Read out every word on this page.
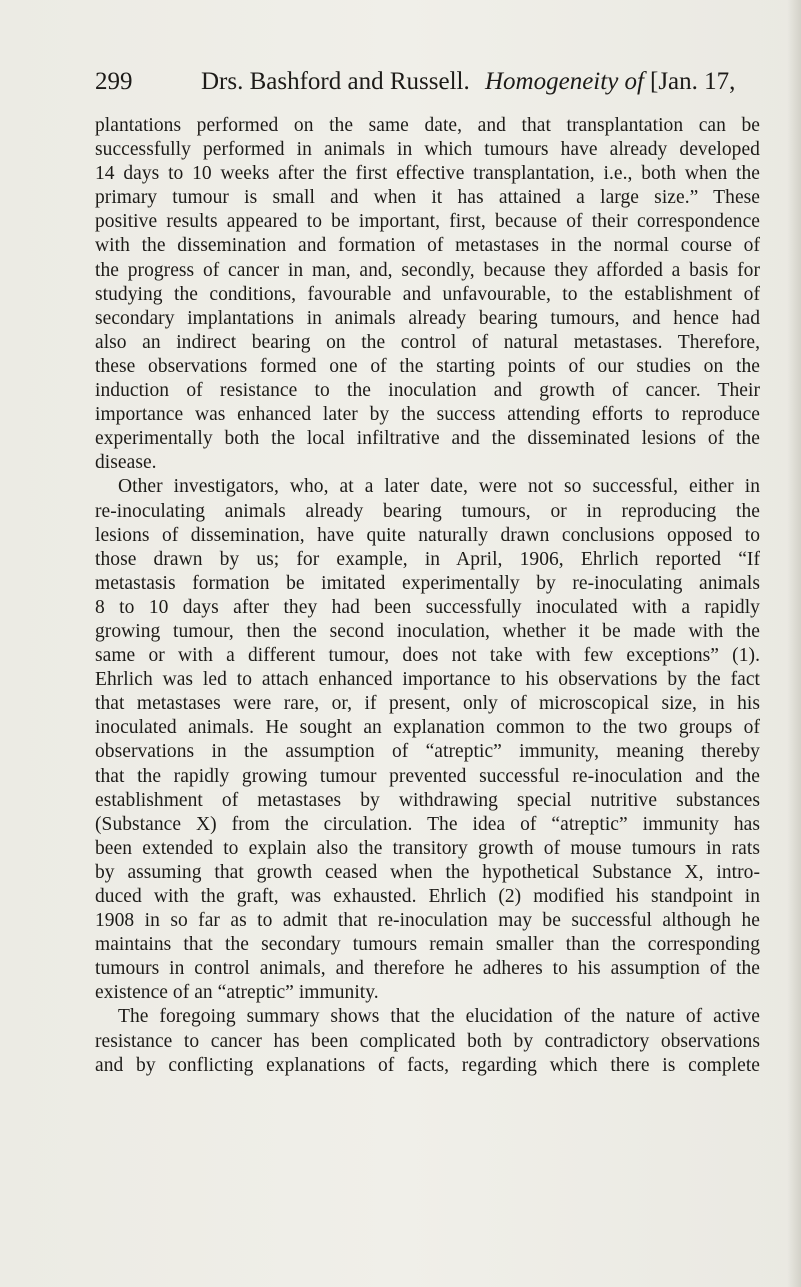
299	Drs. Bashford and Russell. Homogeneity of [Jan. 17,
plantations performed on the same date, and that transplantation can be
successfully performed in animals in which tumours have already developed
14 days to 10 weeks after the first effective transplantation, i.e., both when the
primary tumour is small and when it has attained a large size.” These
positive results appeared to be important, first, because of their correspondence
with the dissemination and formation of metastases in the normal course of
the progress of cancer in man, and, secondly, because they afforded a basis for
studying the conditions, favourable and unfavourable, to the establishment of
secondary implantations in animals already bearing tumours, and hence had
also an indirect bearing on the control of natural metastases. Therefore,
these observations formed one of the starting points of our studies on the
induction of resistance to the inoculation and growth of cancer. Their
importance was enhanced later by the success attending efforts to reproduce
experimentally both the local infiltrative and the disseminated lesions of the
disease.
Other investigators, who, at a later date, were not so successful, either in
re-inoculating animals already bearing tumours, or in reproducing the
lesions of dissemination, have quite naturally drawn conclusions opposed to
those drawn by us; for example, in April, 1906, Ehrlich reported “If
metastasis formation be imitated experimentally by re-inoculating animals
8 to 10 days after they had been successfully inoculated with a rapidly
growing tumour, then the second inoculation, whether it be made with the
same or with a different tumour, does not take with few exceptions” (1).
Ehrlich was led to attach enhanced importance to his observations by the fact
that metastases were rare, or, if present, only of microscopical size, in his
inoculated animals. He sought an explanation common to the two groups of
observations in the assumption of “atreptic” immunity, meaning thereby
that the rapidly growing tumour prevented successful re-inoculation and the
establishment of metastases by withdrawing special nutritive substances
(Substance X) from the circulation. The idea of “atreptic” immunity has
been extended to explain also the transitory growth of mouse tumours in rats
by assuming that growth ceased when the hypothetical Substance X, intro-
duced with the graft, was exhausted. Ehrlich (2) modified his standpoint in
1908 in so far as to admit that re-inoculation may be successful although he
maintains that the secondary tumours remain smaller than the corresponding
tumours in control animals, and therefore he adheres to his assumption of the
existence of an “atreptic” immunity.
The foregoing summary shows that the elucidation of the nature of active
resistance to cancer has been complicated both by contradictory observations
and by conflicting explanations of facts, regarding which there is complete
